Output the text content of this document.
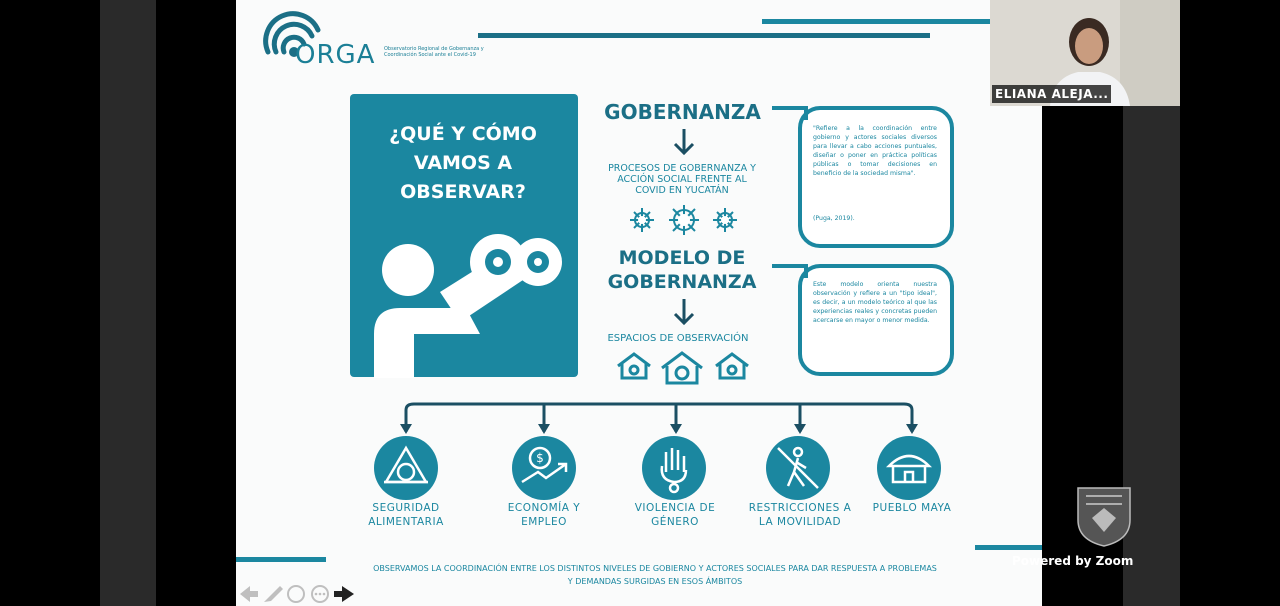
ORGA Observatorio Regional de Gobernanza y Coordinación Social ante el Covid-19
¿QUÉ Y CÓMO VAMOS A OBSERVAR?
GOBERNANZA
PROCESOS DE GOBERNANZA Y ACCIÓN SOCIAL FRENTE AL COVID EN YUCATÁN
"Refiere a la coordinación entre gobierno y actores sociales diversos para llevar a cabo acciones puntuales, diseñar o poner en práctica políticas públicas o tomar decisiones en beneficio de la sociedad misma".
(Puga, 2019).
MODELO DE GOBERNANZA
ESPACIOS DE OBSERVACIÓN
Este modelo orienta nuestra observación y refiere a un "tipo ideal", es decir, a un modelo teórico al que las experiencias reales y concretas pueden acercarse en mayor o menor medida.
SEGURIDAD ALIMENTARIA
$
ECONOMÍA Y EMPLEO
VIOLENCIA DE GÉNERO
RESTRICCIONES A LA MOVILIDAD
PUEBLO MAYA
OBSERVAMOS LA COORDINACIÓN ENTRE LOS DISTINTOS NIVELES DE GOBIERNO Y ACTORES SOCIALES PARA DAR RESPUESTA A PROBLEMAS Y DEMANDAS SURGIDAS EN ESOS ÁMBITOS
ELIANA ALEJA...
Powered by Zoom
